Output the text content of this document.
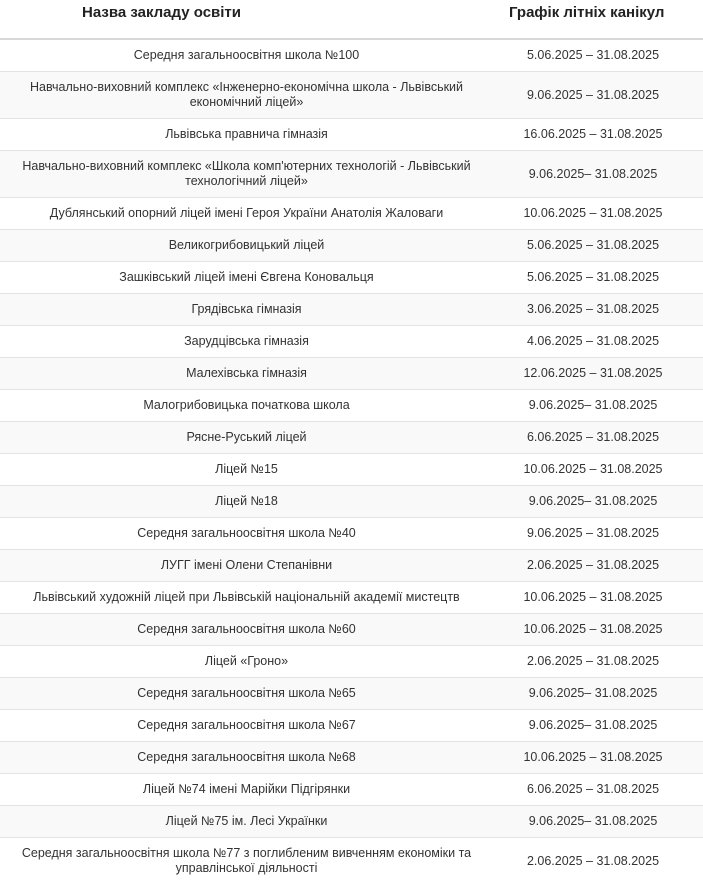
Назва закладу освіти	Графік літніх канікул
Середня загальноосвітня школа №100	5.06.2025 – 31.08.2025
Навчально-виховний комплекс «Інженерно-економічна школа - Львівський економічний ліцей»	9.06.2025 – 31.08.2025
Львівська правнича гімназія	16.06.2025 – 31.08.2025
Навчально-виховний комплекс «Школа комп'ютерних технологій - Львівський технологічний ліцей»	9.06.2025– 31.08.2025
Дублянський опорний ліцей імені Героя України Анатолія Жаловаги	10.06.2025 – 31.08.2025
Великогрибовицький ліцей	5.06.2025 – 31.08.2025
Зашківський ліцей імені Євгена Коновальця	5.06.2025 – 31.08.2025
Грядівська гімназія	3.06.2025 – 31.08.2025
Зарудцівська гімназія	4.06.2025 – 31.08.2025
Малехівська гімназія	12.06.2025 – 31.08.2025
Малогрибовицька початкова школа	9.06.2025– 31.08.2025
Рясне-Руський ліцей	6.06.2025 – 31.08.2025
Ліцей №15	10.06.2025 – 31.08.2025
Ліцей №18	9.06.2025– 31.08.2025
Середня загальноосвітня школа №40	9.06.2025 – 31.08.2025
ЛУГГ імені Олени Степанівни	2.06.2025 – 31.08.2025
Львівський художній ліцей при Львівській національній академії мистецтв	10.06.2025 – 31.08.2025
Середня загальноосвітня школа №60	10.06.2025 – 31.08.2025
Ліцей «Гроно»	2.06.2025 – 31.08.2025
Середня загальноосвітня школа №65	9.06.2025– 31.08.2025
Середня загальноосвітня школа №67	9.06.2025– 31.08.2025
Середня загальноосвітня школа №68	10.06.2025 – 31.08.2025
Ліцей №74 імені Марійки Підгірянки	6.06.2025 – 31.08.2025
Ліцей №75 ім. Лесі Українки	9.06.2025– 31.08.2025
Середня загальноосвітня школа №77 з поглибленим вивченням економіки та управлінської діяльності	2.06.2025 – 31.08.2025
